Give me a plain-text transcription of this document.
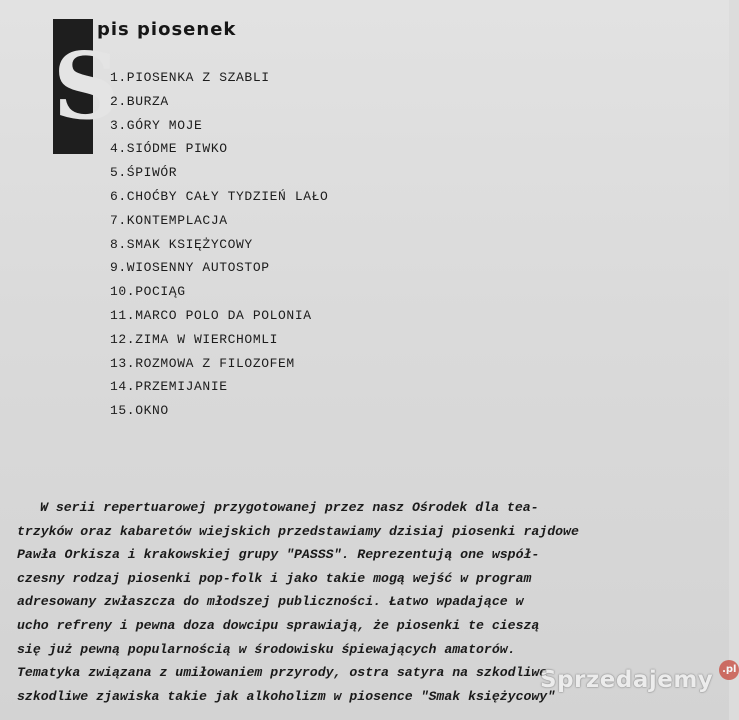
S
pis piosenek
1.PIOSENKA Z SZABLI
2.BURZA
3.GÓRY MOJE
4.SIÓDME PIWKO
5.ŚPIWÓR
6.CHOĆBY CAŁY TYDZIEŃ LAŁO
7.KONTEMPLACJA
8.SMAK KSIĘŻYCOWY
9.WIOSENNY AUTOSTOP
10.POCIĄG
11.MARCO POLO DA POLONIA
12.ZIMA W WIERCHOMLI
13.ROZMOWA Z FILOZOFEM
14.PRZEMIJANIE
15.OKNO
W serii repertuarowej przygotowanej przez nasz Ośrodek dla tea-
trzyków oraz kabaretów wiejskich przedstawiamy dzisiaj piosenki rajdowe
Pawła Orkisza i krakowskiej grupy "PASSS". Reprezentują one współ-
czesny rodzaj piosenki pop-folk i jako takie mogą wejść w program
adresowany zwłaszcza do młodszej publiczności. Łatwo wpadające w
ucho refreny i pewna doza dowcipu sprawiają, że piosenki te cieszą
się już pewną popularnością w środowisku śpiewających amatorów.
Tematyka związana z umiłowaniem przyrody, ostra satyra na szkodliwe
szkodliwe zjawiska takie jak alkoholizm w piosence "Smak księżycowy"
Sprzedajemy .pl
